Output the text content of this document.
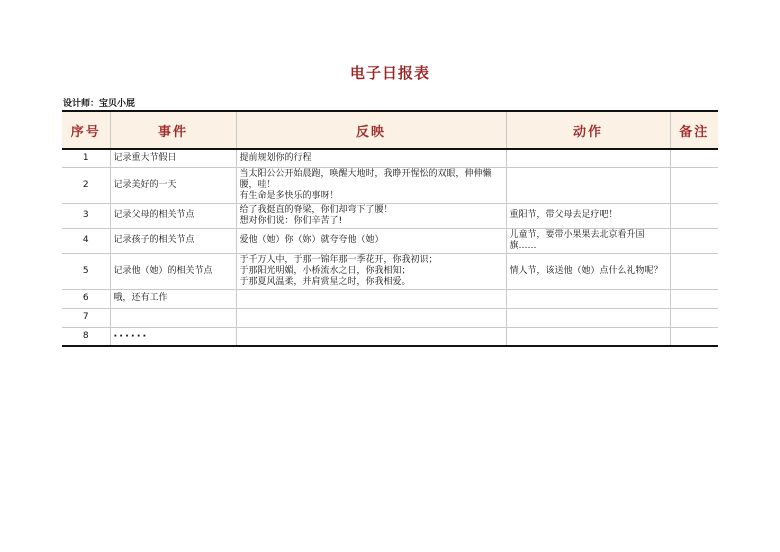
电子日报表
设计师：宝贝小屁
序号	事件	反映	动作	备注
1	记录重大节假日	提前规划你的行程		
2	记录美好的一天	当太阳公公开始晨跑，唤醒大地时，我睁开惺忪的双眼，伸伸懒腰，哇！
有生命是多快乐的事呀！		
3	记录父母的相关节点	给了我挺直的脊梁，你们却弯下了腰！
想对你们说：你们辛苦了!	重阳节，带父母去足疗吧！	
4	记录孩子的相关节点	爱他（她）你（妳）就夸夸他（她）	儿童节，要带小果果去北京看升国旗……	
5	记录他（她）的相关节点	于千万人中，于那一锦年那一季花开，你我初识；
于那阳光明媚，小桥流水之日，你我相知；
于那夏风温柔，并肩赏星之时，你我相爱。	情人节，该送他（她）点什么礼物呢？	
6	哦，还有工作			
7				
8	······			
